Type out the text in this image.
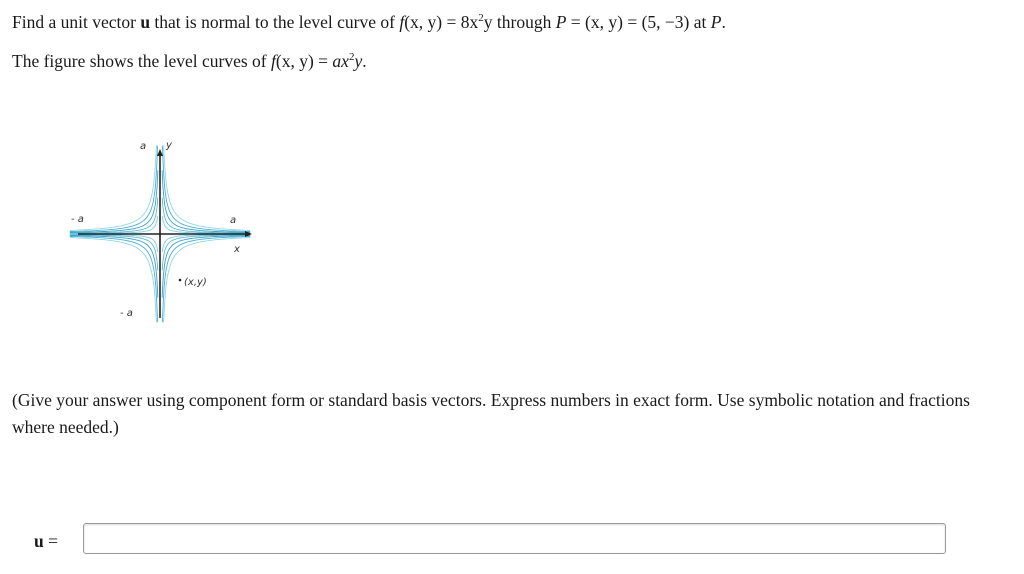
Find a unit vector u that is normal to the level curve of f(x, $y) = 8x^2y$ through P = (x, y) = (5, −3) at P.
The figure shows the level curves of f(x, $y) = ax^2y$.
a y
- a	a
x
(x,y)
- a
(Give your answer using component form or standard basis vectors. Express numbers in exact form. Use symbolic notation and fractions where needed.)
u =
